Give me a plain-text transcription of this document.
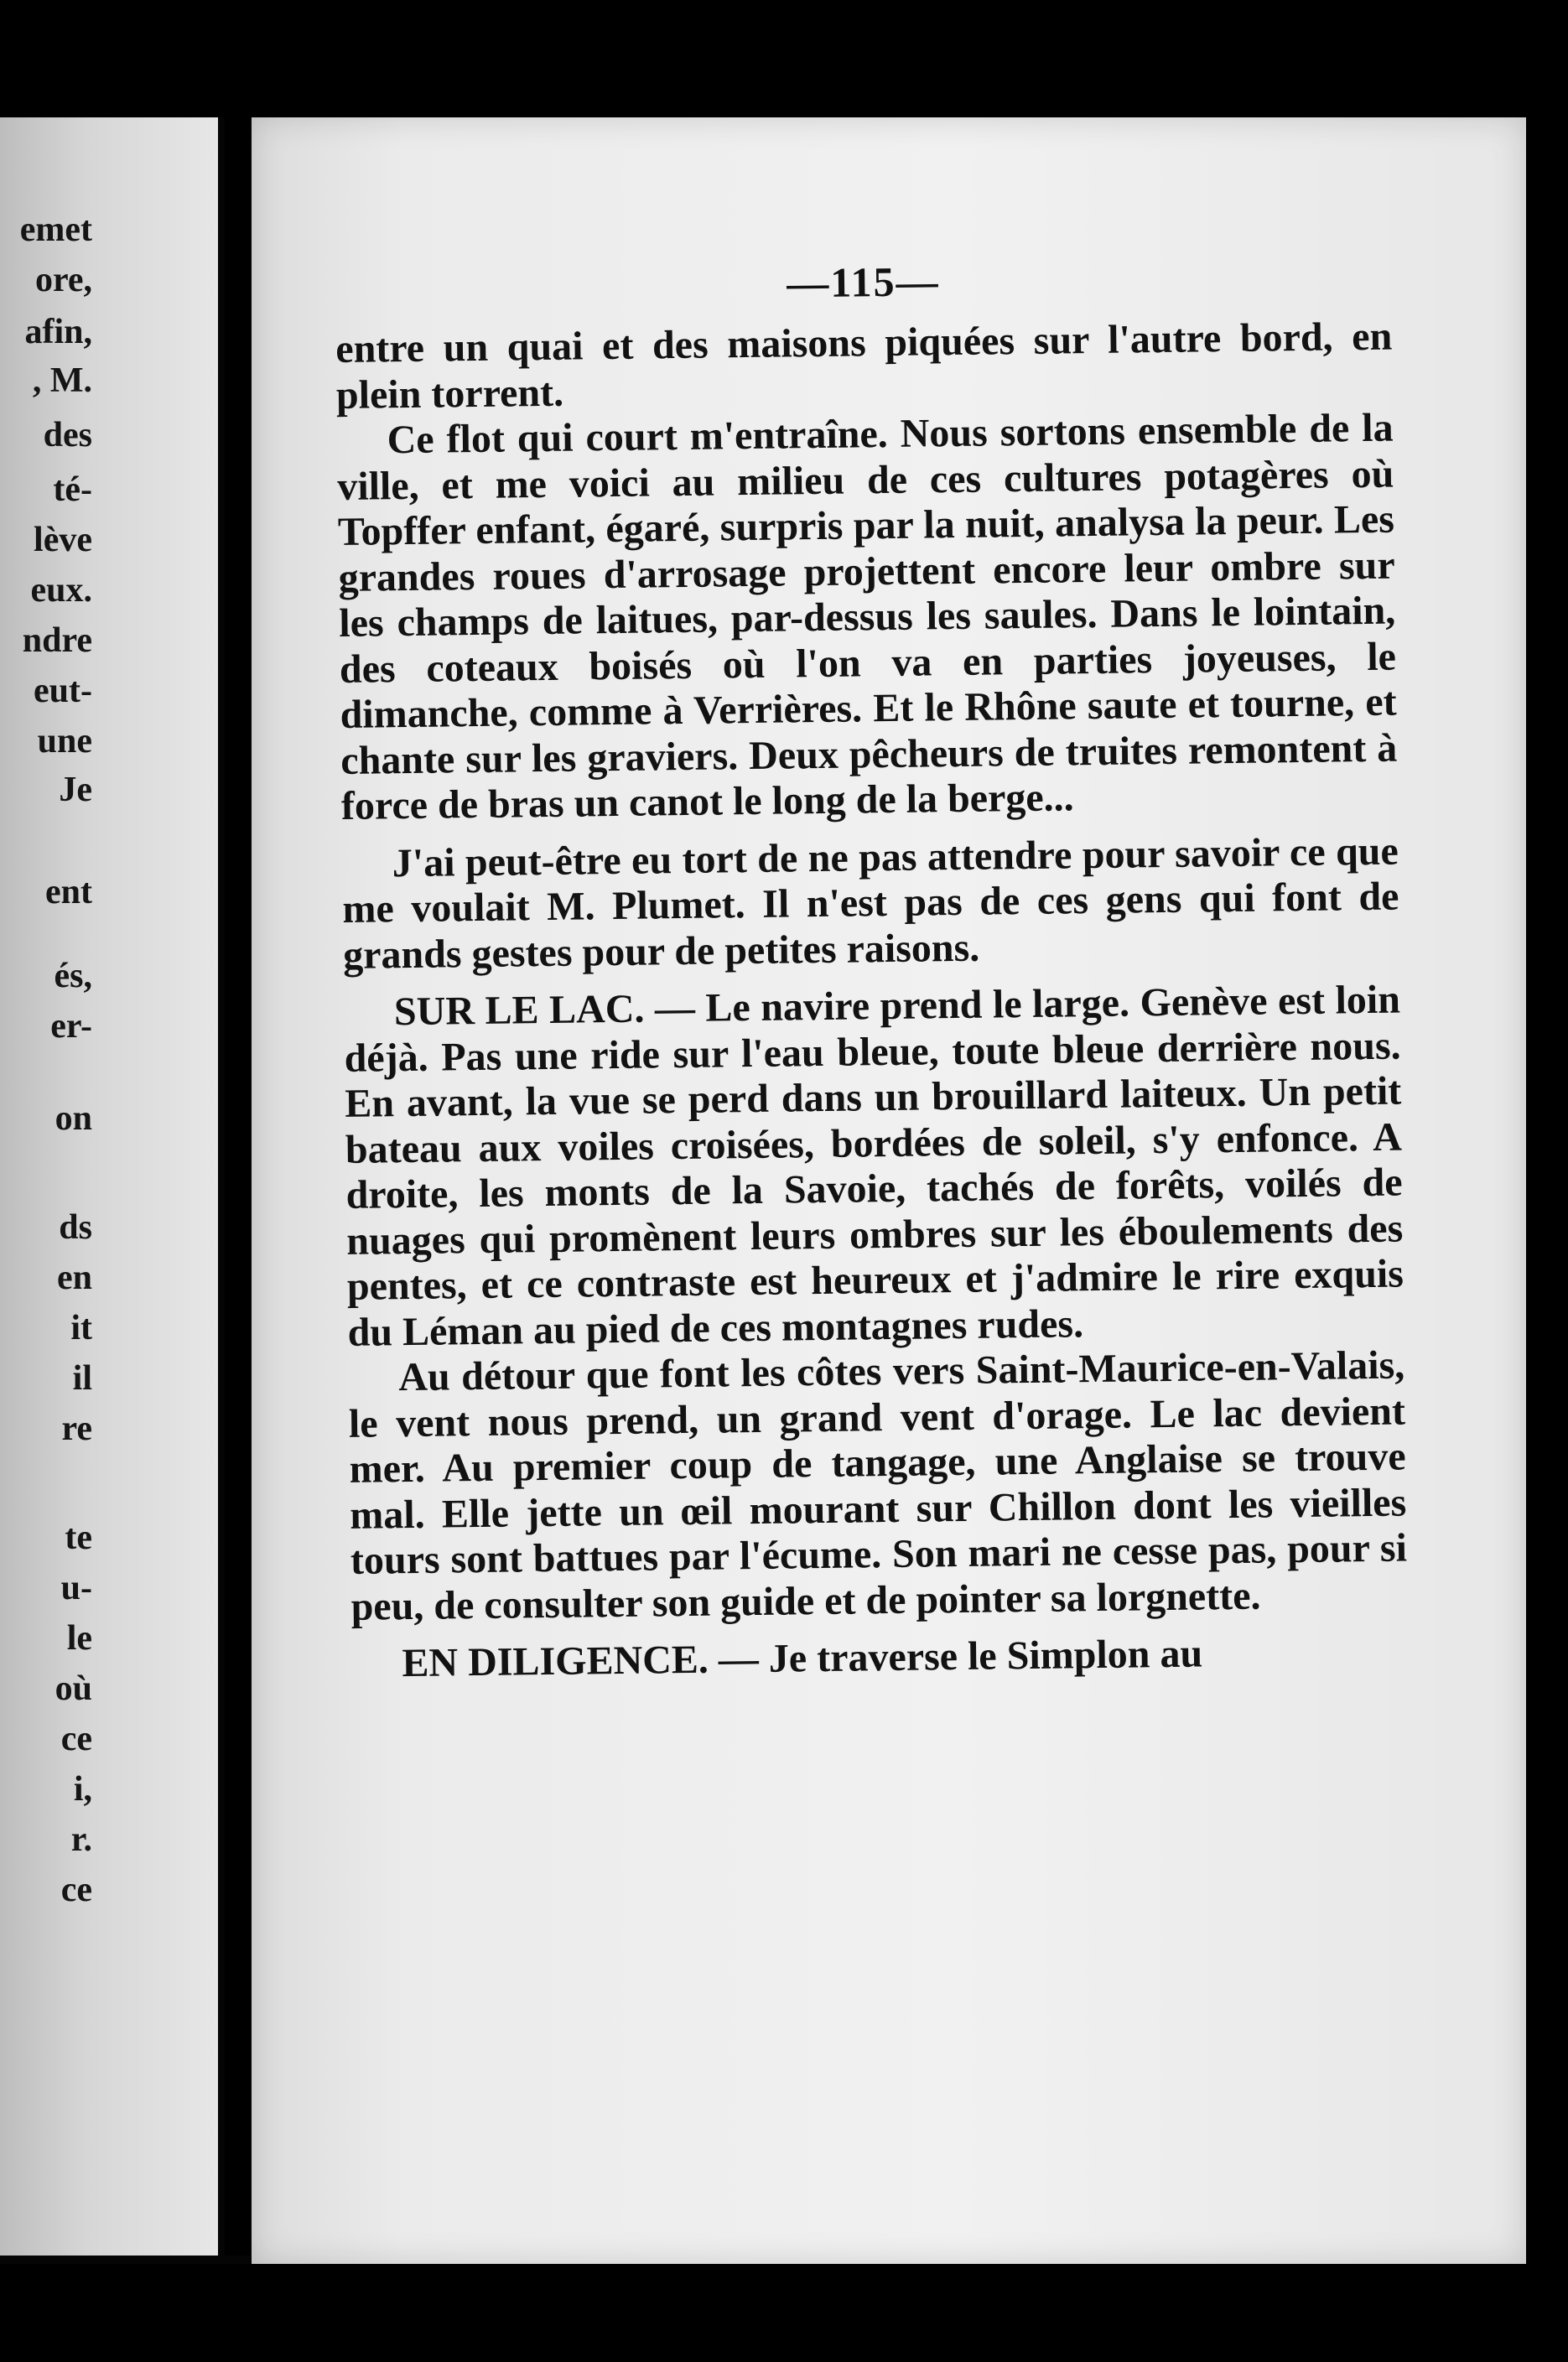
emet
ore,
afin,
, M.
des
té-
lève
eux.
ndre
eut-
une
Je
ent
és,
er-
on
ds
en
it
il
re
te
u-
le
où
ce
i,
r.
ce
—115—

entre un quai et des maisons piquées sur l'autre bord, en plein torrent.

Ce flot qui court m'entraîne. Nous sortons ensemble de la ville, et me voici au milieu de ces cultures potagères où Topffer enfant, égaré, surpris par la nuit, analysa la peur. Les grandes roues d'arrosage projettent encore leur ombre sur les champs de laitues, par-dessus les saules. Dans le lointain, des coteaux boisés où l'on va en parties joyeuses, le dimanche, comme à Verrières. Et le Rhône saute et tourne, et chante sur les graviers. Deux pêcheurs de truites remontent à force de bras un canot le long de la berge...

J'ai peut-être eu tort de ne pas attendre pour savoir ce que me voulait M. Plumet. Il n'est pas de ces gens qui font de grands gestes pour de petites raisons.

SUR LE LAC. — Le navire prend le large. Genève est loin déjà. Pas une ride sur l'eau bleue, toute bleue derrière nous. En avant, la vue se perd dans un brouillard laiteux. Un petit bateau aux voiles croisées, bordées de soleil, s'y enfonce. A droite, les monts de la Savoie, tachés de forêts, voilés de nuages qui promènent leurs ombres sur les éboulements des pentes, et ce contraste est heureux et j'admire le rire exquis du Léman au pied de ces montagnes rudes.

Au détour que font les côtes vers Saint-Maurice-en-Valais, le vent nous prend, un grand vent d'orage. Le lac devient mer. Au premier coup de tangage, une Anglaise se trouve mal. Elle jette un œil mourant sur Chillon dont les vieilles tours sont battues par l'écume. Son mari ne cesse pas, pour si peu, de consulter son guide et de pointer sa lorgnette.

EN DILIGENCE. — Je traverse le Simplon au
